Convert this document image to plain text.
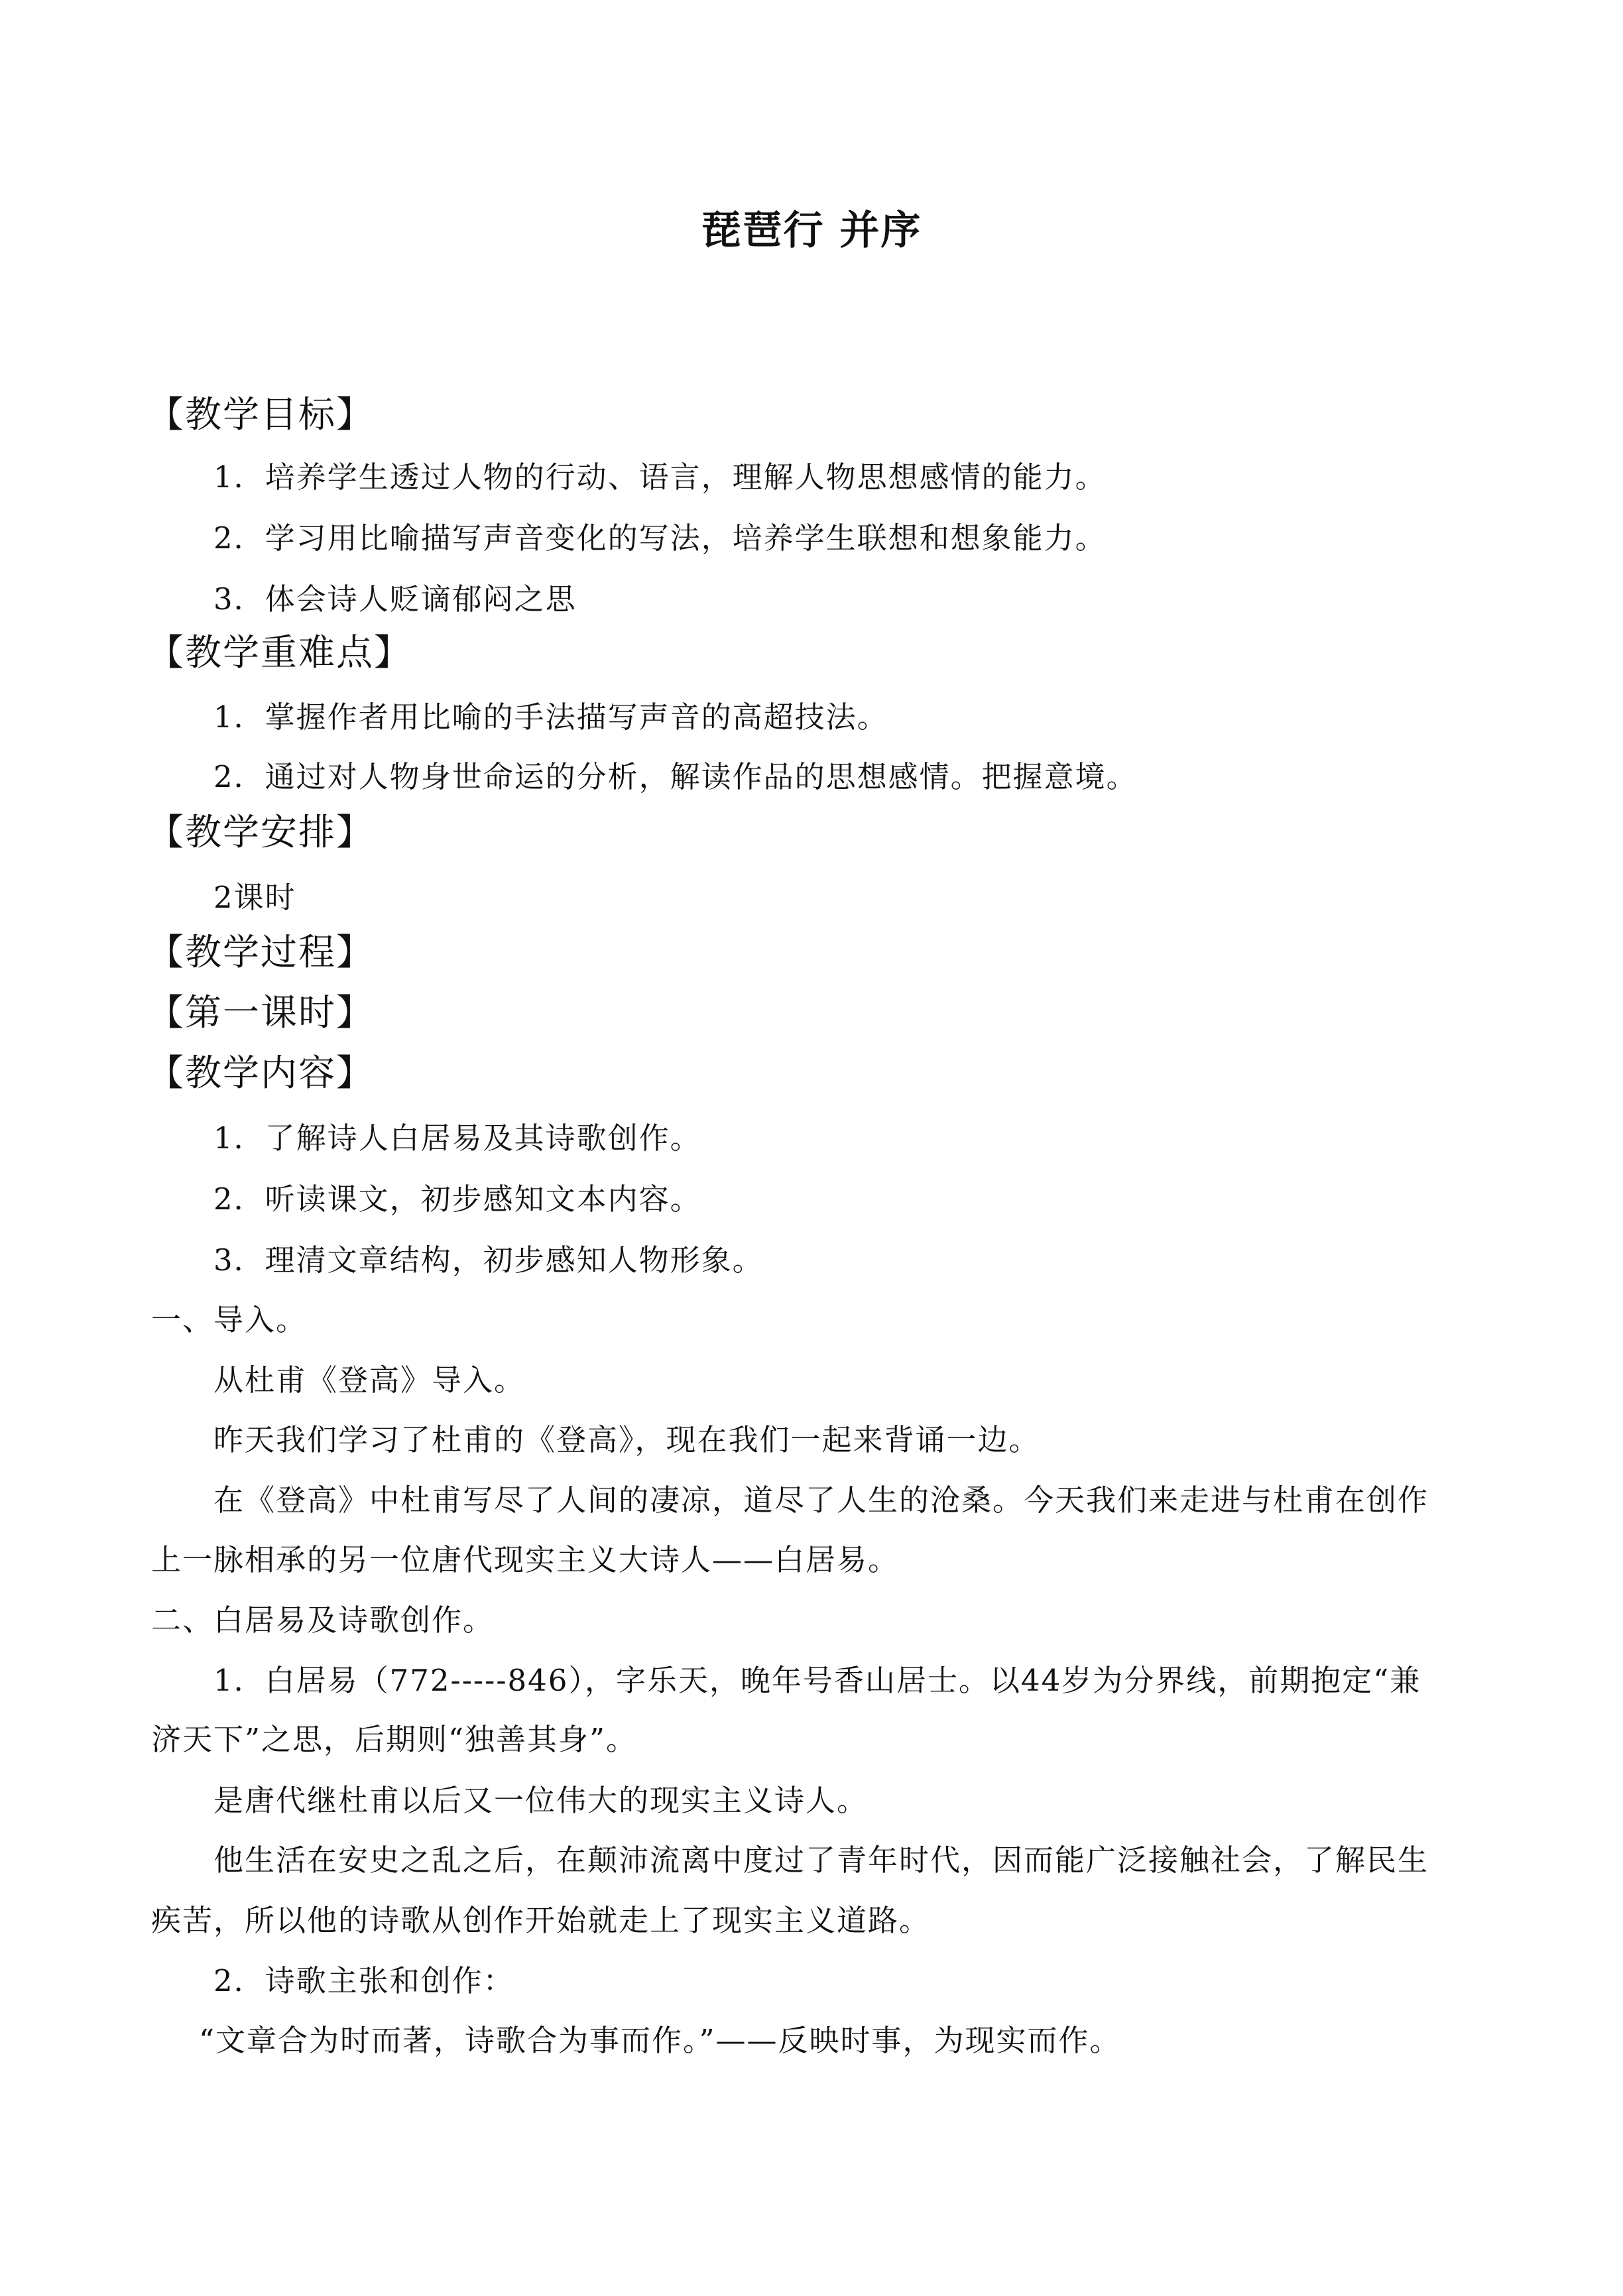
琵琶行 并序

【教学目标】

1．培养学生透过人物的行动、语言，理解人物思想感情的能力。

2．学习用比喻描写声音变化的写法，培养学生联想和想象能力。

3．体会诗人贬谪郁闷之思

【教学重难点】

1．掌握作者用比喻的手法描写声音的高超技法。

2．通过对人物身世命运的分析，解读作品的思想感情。把握意境。

【教学安排】

2课时

【教学过程】

【第一课时】

【教学内容】

1．了解诗人白居易及其诗歌创作。

2．听读课文，初步感知文本内容。

3．理清文章结构，初步感知人物形象。

一、导入。

从杜甫《登高》导入。

昨天我们学习了杜甫的《登高》，现在我们一起来背诵一边。

在《登高》中杜甫写尽了人间的凄凉，道尽了人生的沧桑。今天我们来走进与杜甫在创作

上一脉相承的另一位唐代现实主义大诗人——白居易。

二、白居易及诗歌创作。

1．白居易（772-----846），字乐天，晚年号香山居士。以44岁为分界线，前期抱定“兼

济天下”之思，后期则“独善其身”。

是唐代继杜甫以后又一位伟大的现实主义诗人。

他生活在安史之乱之后，在颠沛流离中度过了青年时代，因而能广泛接触社会，了解民生

疾苦，所以他的诗歌从创作开始就走上了现实主义道路。

2．诗歌主张和创作：

“文章合为时而著，诗歌合为事而作。”——反映时事，为现实而作。
